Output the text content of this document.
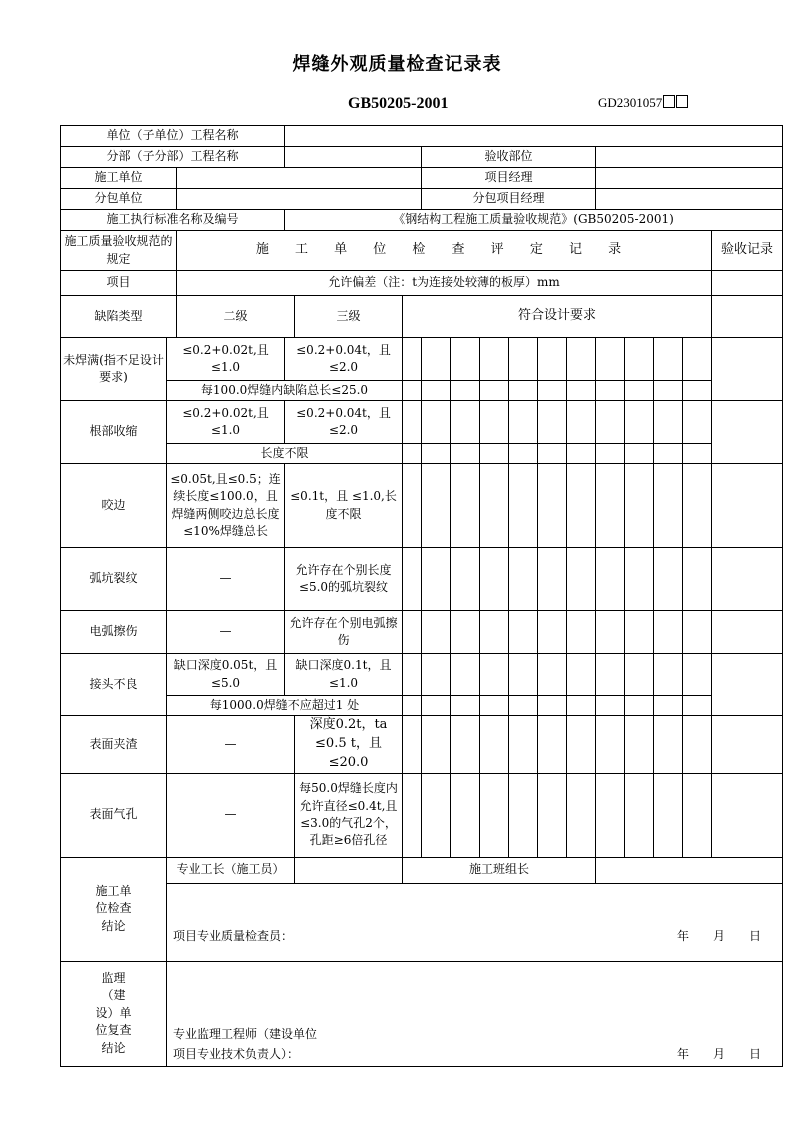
焊缝外观质量检查记录表
GB50205-2001	GD2301057
单位（子单位）工程名称																
分部（子分部）工程名称						验收部位										
施工单位						项目经理										
分包单位						分包项目经理										
施工执行标准名称及编号			《钢结构工程施工质量验收规范》(GB50205-2001)													
施工质量验收规范的规定		施 工 单 位 检 查 评 定 记 录														验收记录
项目		允许偏差（注：t为连接处较薄的板厚）mm														
缺陷类型		二级		三级	符合设计要求											
未焊满(指不足设计要求)	≤0.2+0.02t,且≤1.0		≤0.2+0.04t，且≤2.0													
	每100.0焊缝内缺陷总长≤25.0															
根部收缩	≤0.2+0.02t,且≤1.0		≤0.2+0.04t，且≤2.0													
	长度不限															
咬边	≤0.05t,且≤0.5；连续长度≤100.0，且焊缝两侧咬边总长度≤10%焊缝总长		≤0.1t，且 ≤1.0,长度不限													
弧坑裂纹	—		允许存在个别长度≤5.0的弧坑裂纹													
电弧擦伤	—		允许存在个别电弧擦伤													
接头不良	缺口深度0.05t，且≤5.0		缺口深度0.1t，且≤1.0													
	每1000.0焊缝不应超过1 处															
表面夹渣	—			深度0.2t，ta ≤0.5 t，且≤20.0												
表面气孔	—			每50.0焊缝长度内允许直径≤0.4t,且≤3.0的气孔2个，孔距≥6倍孔径												
施工单位检查结论	专业工长（施工员）				施工班组长											

	项目专业质量检查员： 年 月 日															

监理（建设）单位复查结论	专业监理工程师（建设单位
项目专业技术负责人）： 年 月 日															
